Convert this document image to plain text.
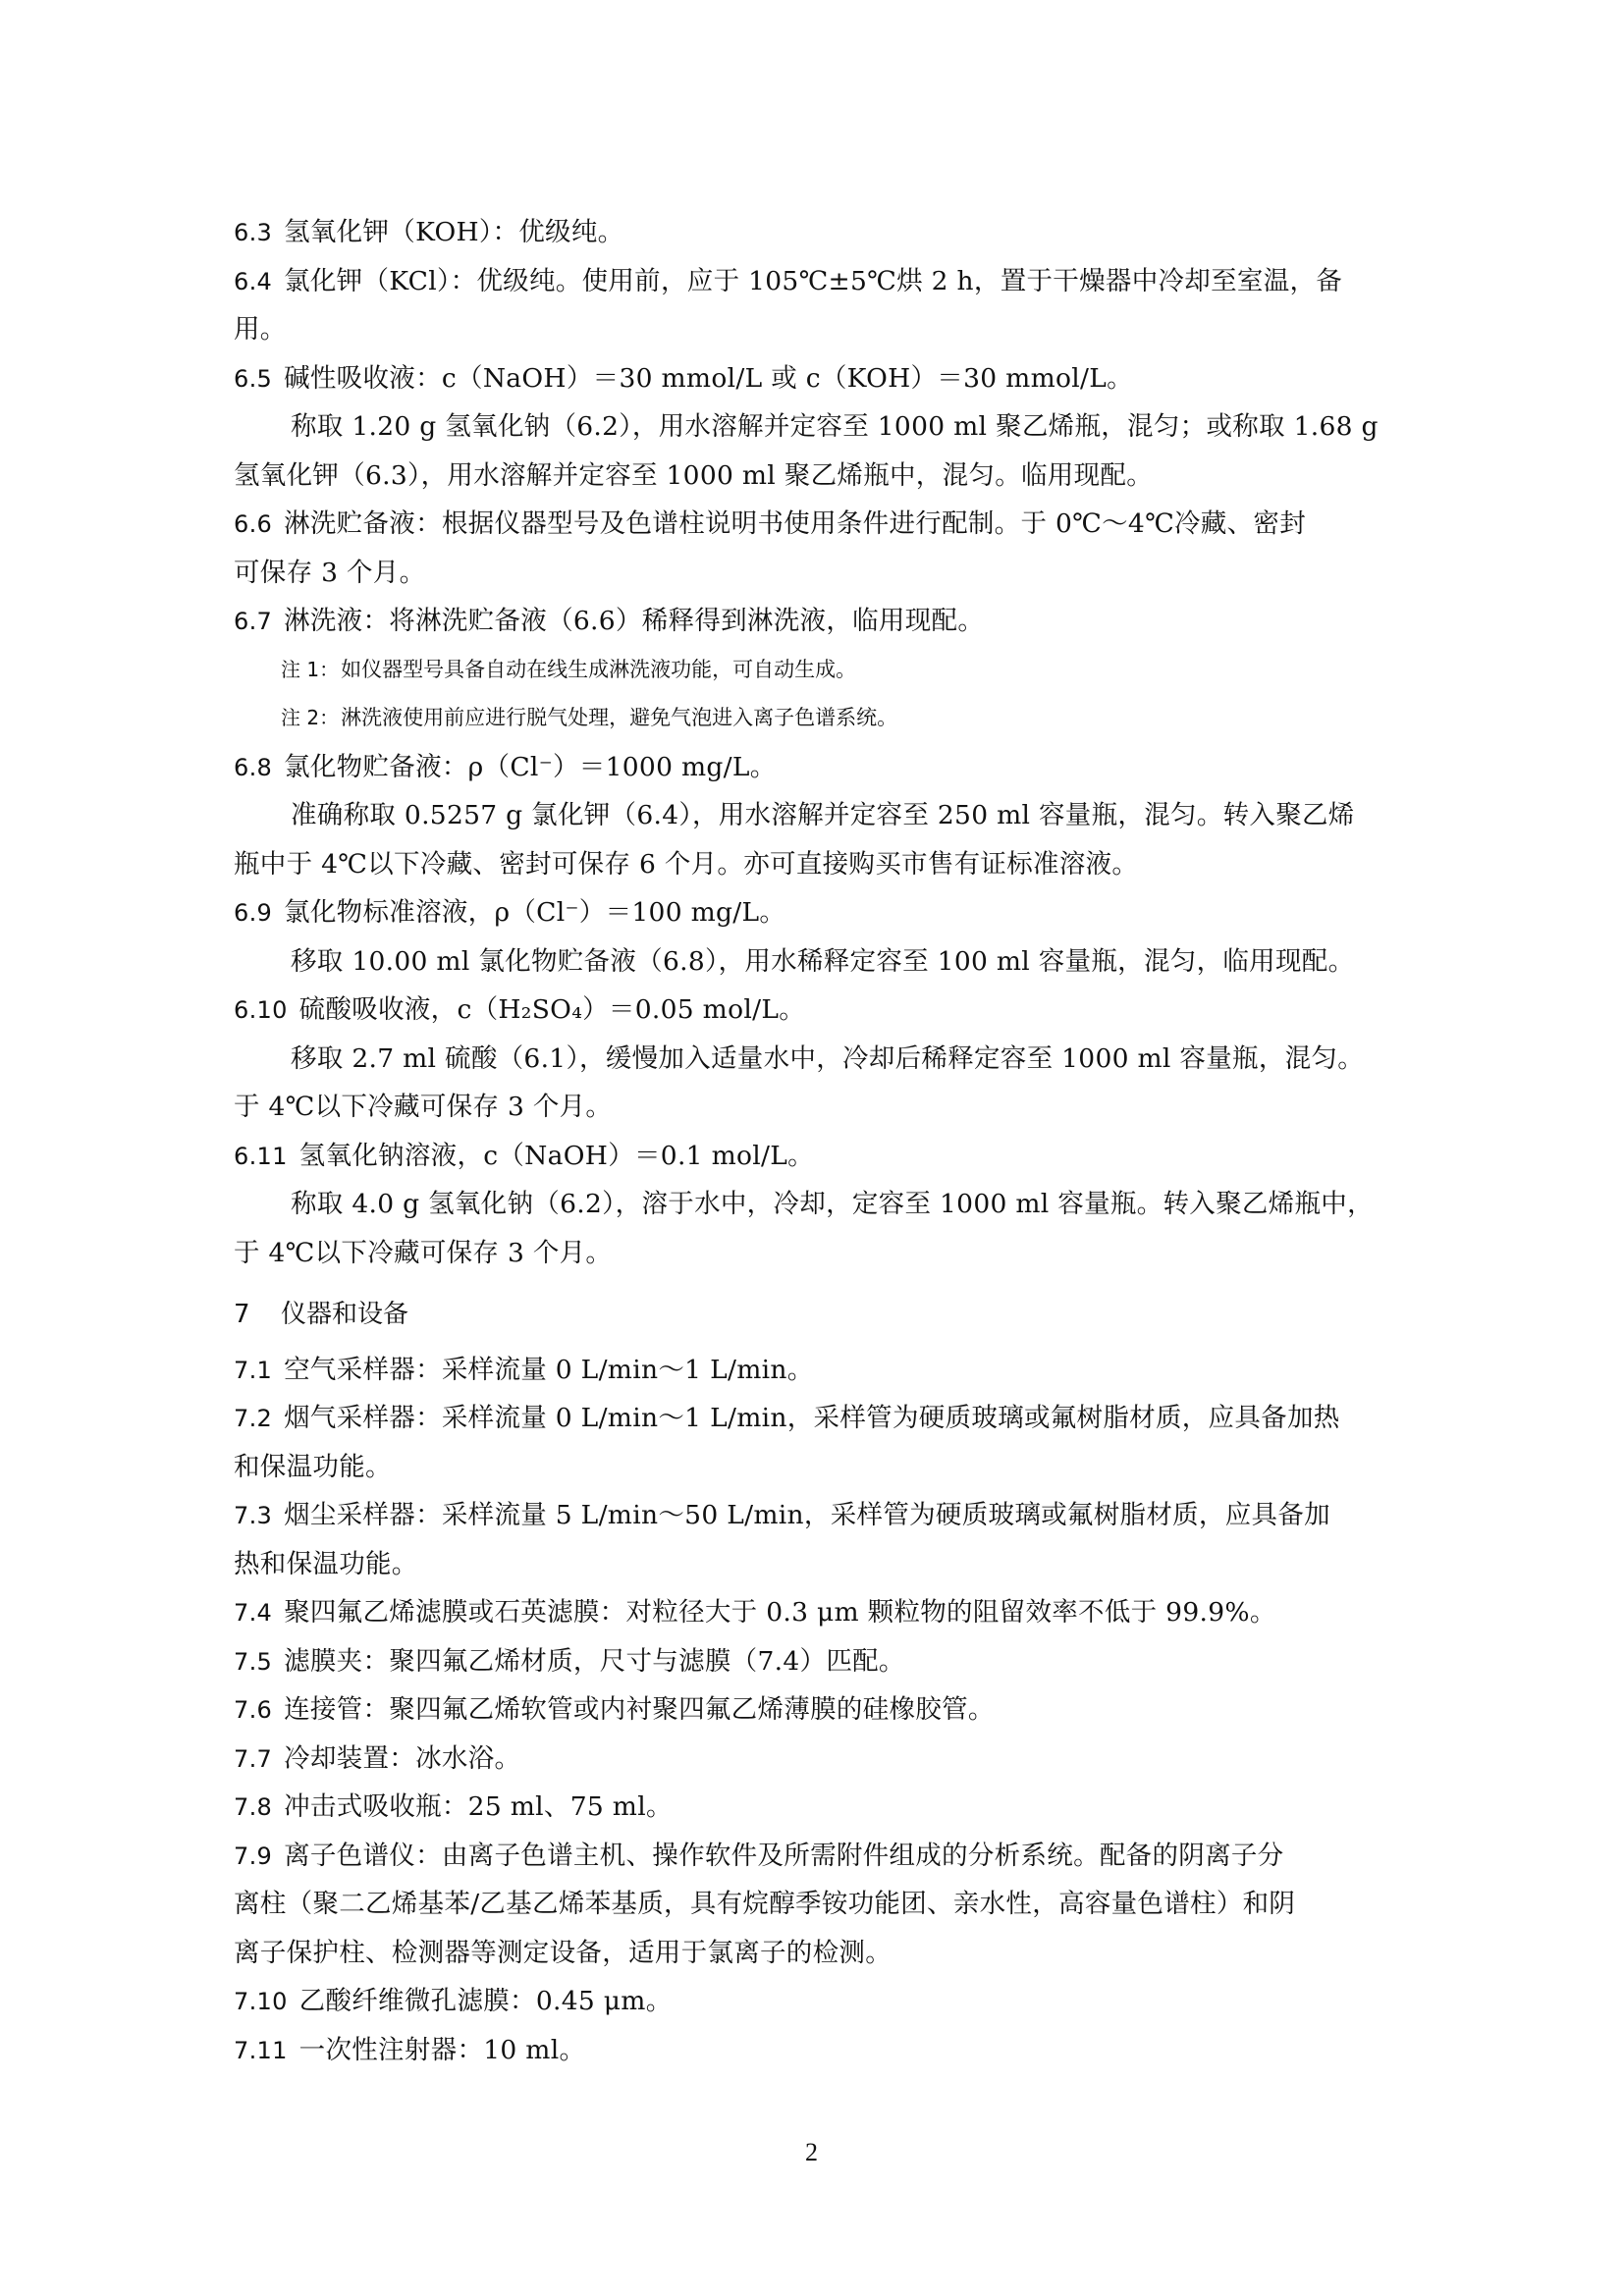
6.3 氢氧化钾（KOH）：优级纯。
6.4 氯化钾（KCl）：优级纯。使用前，应于 105℃±5℃烘 2 h，置于干燥器中冷却至室温，备
用。
6.5 碱性吸收液：c（NaOH）＝30 mmol/L 或 c（KOH）＝30 mmol/L。
称取 1.20 g 氢氧化钠（6.2），用水溶解并定容至 1000 ml 聚乙烯瓶，混匀；或称取 1.68 g
氢氧化钾（6.3），用水溶解并定容至 1000 ml 聚乙烯瓶中，混匀。临用现配。
6.6 淋洗贮备液：根据仪器型号及色谱柱说明书使用条件进行配制。于 0℃～4℃冷藏、密封
可保存 3 个月。
6.7 淋洗液：将淋洗贮备液（6.6）稀释得到淋洗液，临用现配。
注 1：如仪器型号具备自动在线生成淋洗液功能，可自动生成。
注 2：淋洗液使用前应进行脱气处理，避免气泡进入离子色谱系统。
6.8 氯化物贮备液：ρ（Cl⁻）＝1000 mg/L。
准确称取 0.5257 g 氯化钾（6.4），用水溶解并定容至 250 ml 容量瓶，混匀。转入聚乙烯
瓶中于 4℃以下冷藏、密封可保存 6 个月。亦可直接购买市售有证标准溶液。
6.9 氯化物标准溶液，ρ（Cl⁻）＝100 mg/L。
移取 10.00 ml 氯化物贮备液（6.8），用水稀释定容至 100 ml 容量瓶，混匀，临用现配。
6.10 硫酸吸收液，c（H₂SO₄）＝0.05 mol/L。
移取 2.7 ml 硫酸（6.1），缓慢加入适量水中，冷却后稀释定容至 1000 ml 容量瓶，混匀。
于 4℃以下冷藏可保存 3 个月。
6.11 氢氧化钠溶液，c（NaOH）＝0.1 mol/L。
称取 4.0 g 氢氧化钠（6.2），溶于水中，冷却，定容至 1000 ml 容量瓶。转入聚乙烯瓶中，
于 4℃以下冷藏可保存 3 个月。
7 仪器和设备
7.1 空气采样器：采样流量 0 L/min～1 L/min。
7.2 烟气采样器：采样流量 0 L/min～1 L/min，采样管为硬质玻璃或氟树脂材质，应具备加热
和保温功能。
7.3 烟尘采样器：采样流量 5 L/min～50 L/min，采样管为硬质玻璃或氟树脂材质，应具备加
热和保温功能。
7.4 聚四氟乙烯滤膜或石英滤膜：对粒径大于 0.3 μm 颗粒物的阻留效率不低于 99.9%。
7.5 滤膜夹：聚四氟乙烯材质，尺寸与滤膜（7.4）匹配。
7.6 连接管：聚四氟乙烯软管或内衬聚四氟乙烯薄膜的硅橡胶管。
7.7 冷却装置：冰水浴。
7.8 冲击式吸收瓶：25 ml、75 ml。
7.9 离子色谱仪：由离子色谱主机、操作软件及所需附件组成的分析系统。配备的阴离子分
离柱（聚二乙烯基苯/乙基乙烯苯基质，具有烷醇季铵功能团、亲水性，高容量色谱柱）和阴
离子保护柱、检测器等测定设备，适用于氯离子的检测。
7.10 乙酸纤维微孔滤膜：0.45 μm。
7.11 一次性注射器：10 ml。
2
